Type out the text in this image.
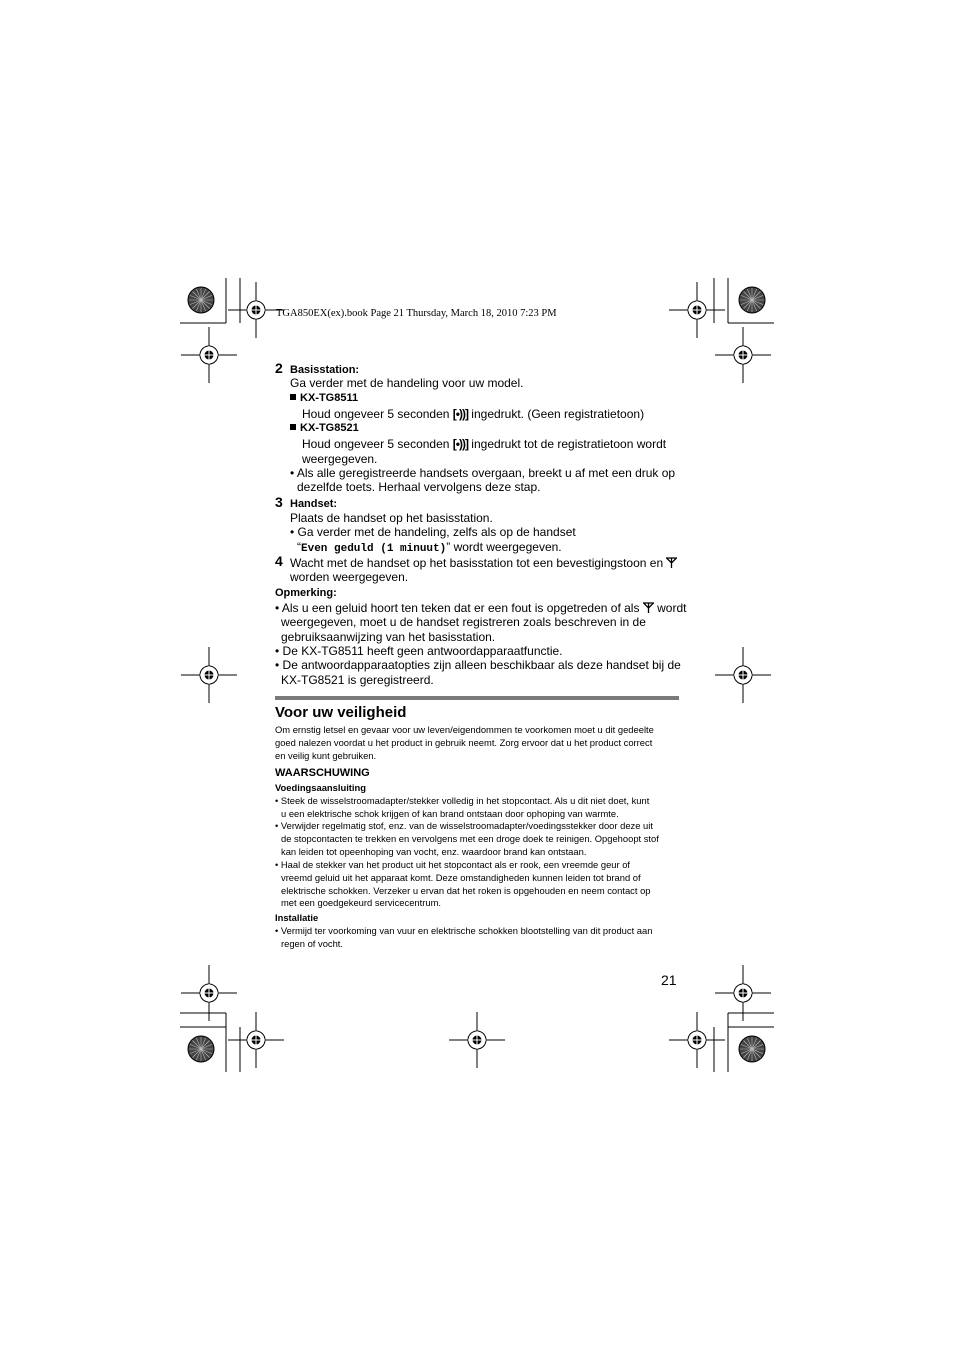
TGA850EX(ex).book Page 21 Thursday, March 18, 2010 7:23 PM
2 Basisstation:
Ga verder met de handeling voor uw model.
KX-TG8511
Houd ongeveer 5 seconden [•))] ingedrukt. (Geen registratietoon)
KX-TG8521
Houd ongeveer 5 seconden [•))] ingedrukt tot de registratietoon wordt
weergegeven.
• Als alle geregistreerde handsets overgaan, breekt u af met een druk op
dezelfde toets. Herhaal vervolgens deze stap.
3 Handset:
Plaats de handset op het basisstation.
• Ga verder met de handeling, zelfs als op de handset
“Even geduld (1 minuut)” wordt weergegeven.
4 Wacht met de handset op het basisstation tot een bevestigingstoon en
worden weergegeven.
Opmerking:
• Als u een geluid hoort ten teken dat er een fout is opgetreden of als  wordt
weergegeven, moet u de handset registreren zoals beschreven in de
gebruiksaanwijzing van het basisstation.
• De KX-TG8511 heeft geen antwoordapparaatfunctie.
• De antwoordapparaatopties zijn alleen beschikbaar als deze handset bij de
KX-TG8521 is geregistreerd.
Voor uw veiligheid
Om ernstig letsel en gevaar voor uw leven/eigendommen te voorkomen moet u dit gedeelte
goed nalezen voordat u het product in gebruik neemt. Zorg ervoor dat u het product correct
en veilig kunt gebruiken.
WAARSCHUWING
Voedingsaansluiting
• Steek de wisselstroomadapter/stekker volledig in het stopcontact. Als u dit niet doet, kunt
u een elektrische schok krijgen of kan brand ontstaan door ophoping van warmte.
• Verwijder regelmatig stof, enz. van de wisselstroomadapter/voedingsstekker door deze uit
de stopcontacten te trekken en vervolgens met een droge doek te reinigen. Opgehoopt stof
kan leiden tot opeenhoping van vocht, enz. waardoor brand kan ontstaan.
• Haal de stekker van het product uit het stopcontact als er rook, een vreemde geur of
vreemd geluid uit het apparaat komt. Deze omstandigheden kunnen leiden tot brand of
elektrische schokken. Verzeker u ervan dat het roken is opgehouden en neem contact op
met een goedgekeurd servicecentrum.
Installatie
• Vermijd ter voorkoming van vuur en elektrische schokken blootstelling van dit product aan
regen of vocht.
21
